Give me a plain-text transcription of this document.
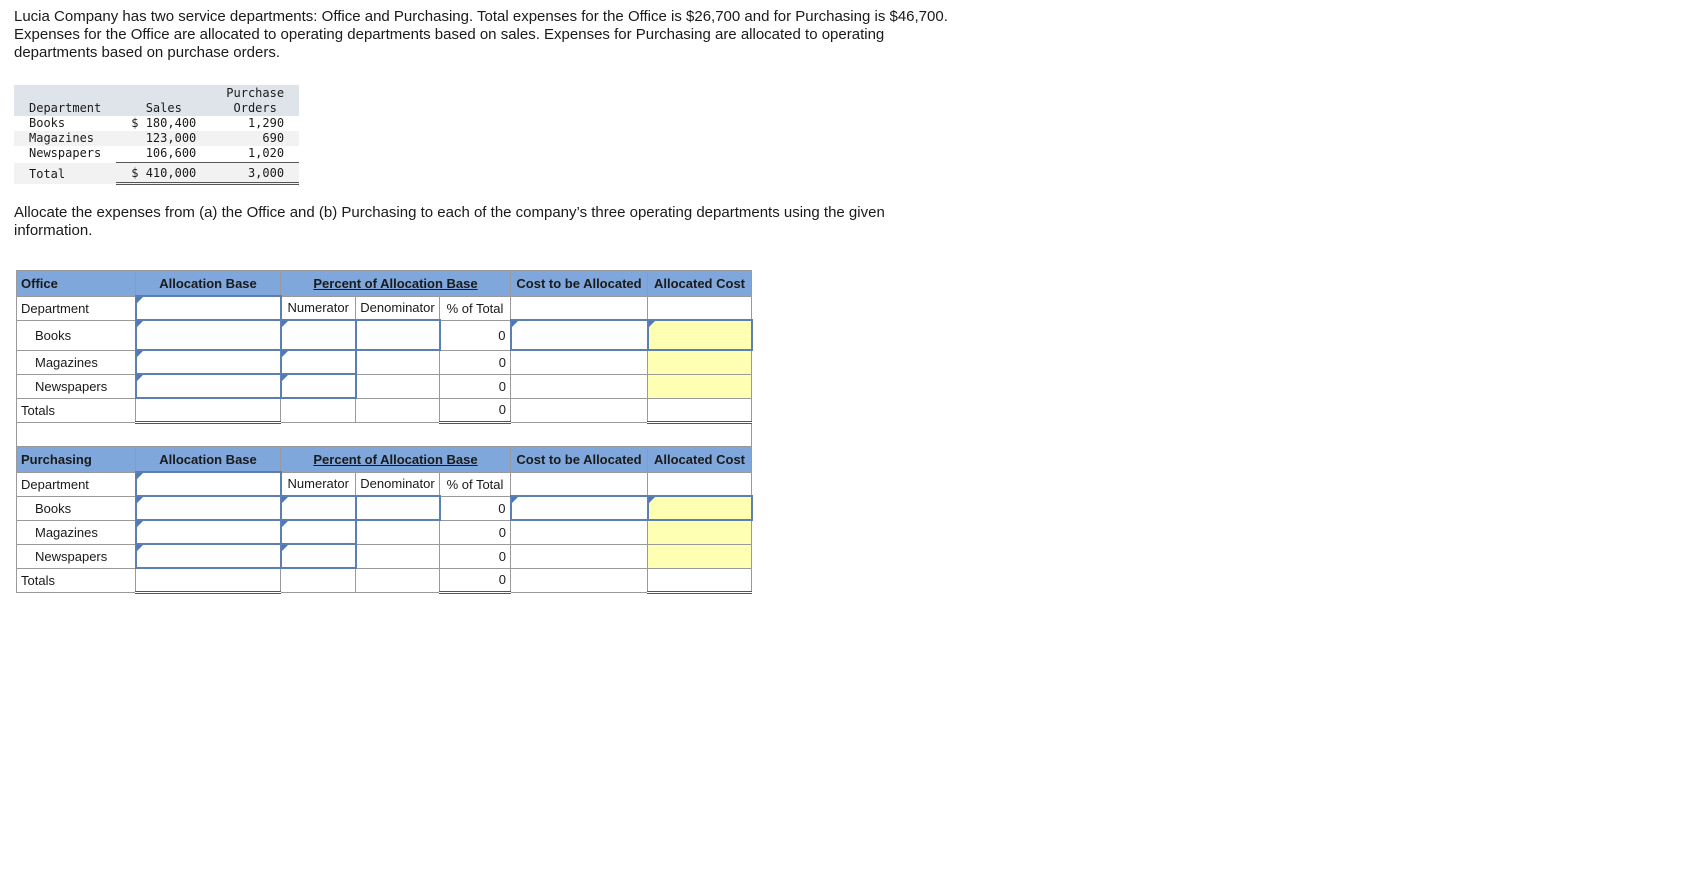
Lucia Company has two service departments: Office and Purchasing. Total expenses for the Office is $26,700 and for Purchasing is $46,700. Expenses for the Office are allocated to operating departments based on sales. Expenses for Purchasing are allocated to operating departments based on purchase orders.

Department	Sales	Purchase
Orders
Books	$ 180,400	1,290
Magazines	123,000	690
Newspapers	106,600	1,020
Total	$ 410,000	3,000

Allocate the expenses from (a) the Office and (b) Purchasing to each of the company’s three operating departments using the given information.

Office	Allocation Base	Percent of Allocation Base			Cost to be Allocated	Allocated Cost
Department		Numerator	Denominator	% of Total		
Books				0		
Magazines				0		
Newspapers				0		
Totals				0		

Purchasing	Allocation Base	Percent of Allocation Base			Cost to be Allocated	Allocated Cost
Department		Numerator	Denominator	% of Total		
Books				0		
Magazines				0		
Newspapers				0		
Totals				0		
